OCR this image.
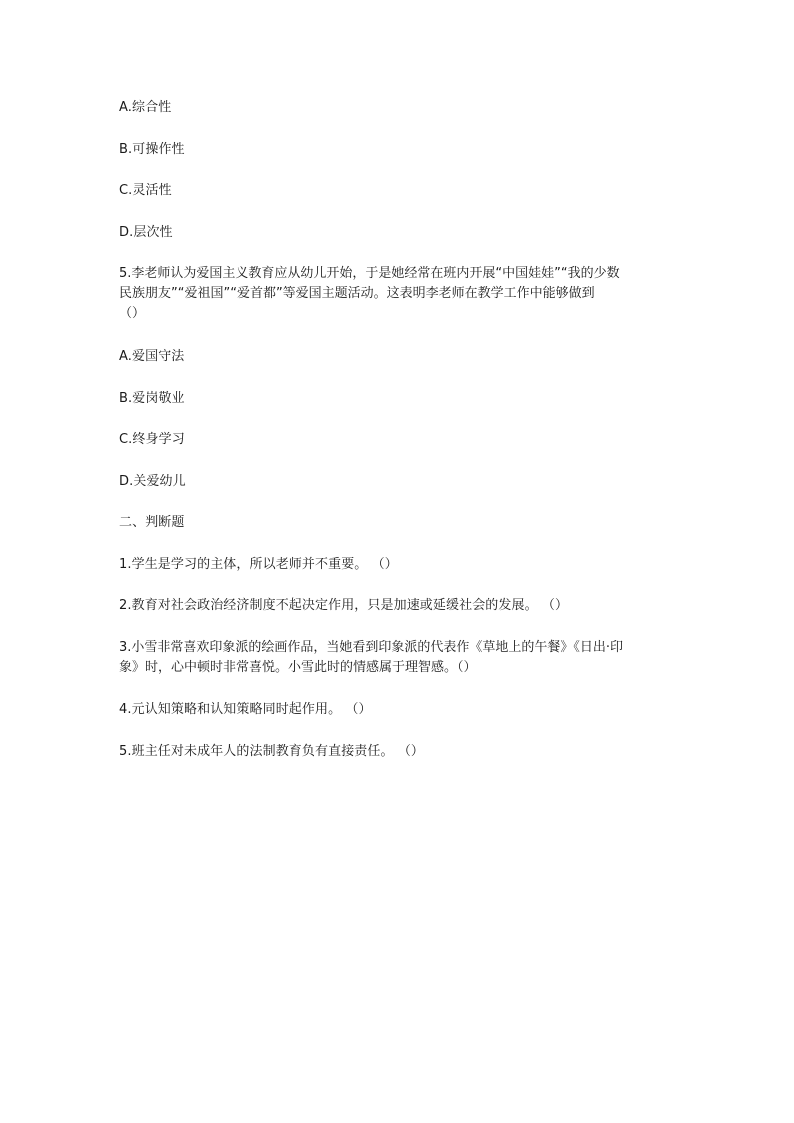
A.综合性
B.可操作性
C.灵活性
D.层次性
5.李老师认为爱国主义教育应从幼儿开始，于是她经常在班内开展“中国娃娃”“我的少数
民族朋友”“爱祖国”“爱首都”等爱国主题活动。这表明李老师在教学工作中能够做到
（）
A.爱国守法
B.爱岗敬业
C.终身学习
D.关爱幼儿
二、判断题
1.学生是学习的主体，所以老师并不重要。 （）
2.教育对社会政治经济制度不起决定作用，只是加速或延缓社会的发展。 （）
3.小雪非常喜欢印象派的绘画作品，当她看到印象派的代表作《草地上的午餐》《日出·印
象》时，心中顿时非常喜悦。小雪此时的情感属于理智感。（）
4.元认知策略和认知策略同时起作用。 （）
5.班主任对未成年人的法制教育负有直接责任。 （）
